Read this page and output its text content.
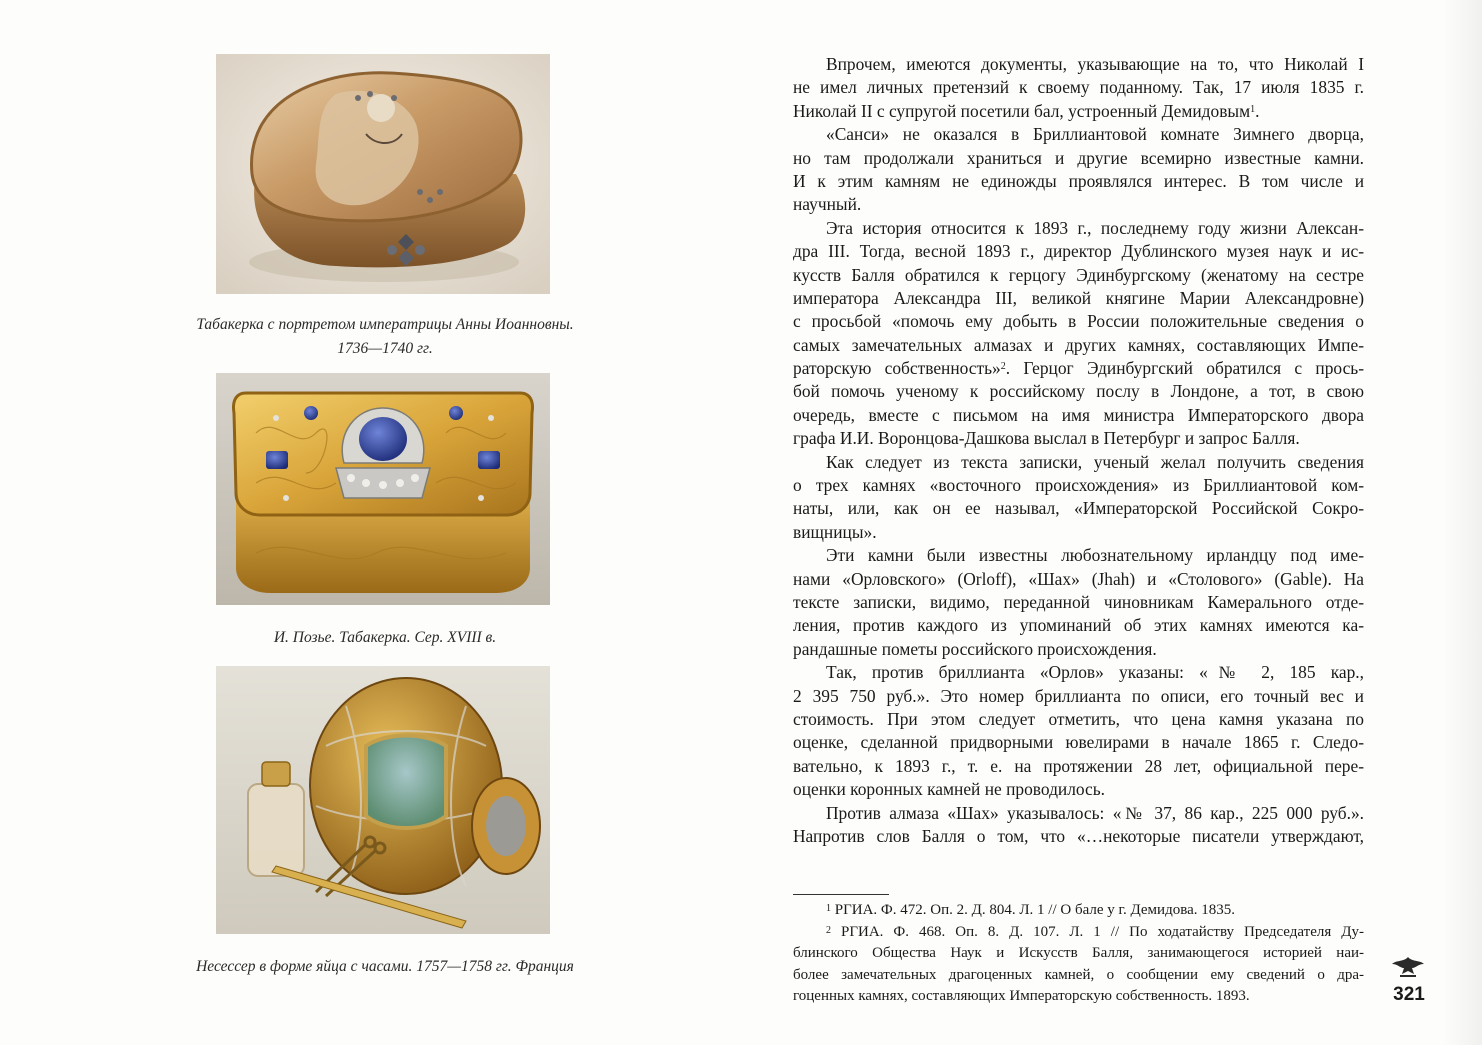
Табакерка с портретом императрицы Анны Иоанновны.
1736—1740 гг.
И. Позье. Табакерка. Сер. XVIII в.
Несессер в форме яйца с часами. 1757—1758 гг. Франция
Впрочем, имеются документы, указывающие на то, что Николай I
не имел личных претензий к своему поданному. Так, 17 июля 1835 г.
Николай II с супругой посетили бал, устроенный Демидовым$^1$.
«Санси» не оказался в Бриллиантовой комнате Зимнего дворца,
но там продолжали храниться и другие всемирно известные камни.
И к этим камням не единожды проявлялся интерес. В том числе и
научный.
Эта история относится к 1893 г., последнему году жизни Алексан-
дра III. Тогда, весной 1893 г., директор Дублинского музея наук и ис-
кусств Балля обратился к герцогу Эдинбургскому (женатому на сестре
императора Александра III, великой княгине Марии Александровне)
с просьбой «помочь ему добыть в России положительные сведения о
самых замечательных алмазах и других камнях, составляющих Импе-
раторскую собственность»$^2$. Герцог Эдинбургский обратился с прось-
бой помочь ученому к российскому послу в Лондоне, а тот, в свою
очередь, вместе с письмом на имя министра Императорского двора
графа И.И. Воронцова-Дашкова выслал в Петербург и запрос Балля.
Как следует из текста записки, ученый желал получить сведения
о трех камнях «восточного происхождения» из Бриллиантовой ком-
наты, или, как он ее называл, «Императорской Российской Сокро-
вищницы».
Эти камни были известны любознательному ирландцу под име-
нами «Орловского» (Orloff), «Шах» (Jhah) и «Столового» (Gable). На
тексте записки, видимо, переданной чиновникам Камерального отде-
ления, против каждого из упоминаний об этих камнях имеются ка-
рандашные пометы российского происхождения.
Так, против бриллианта «Орлов» указаны: «№ 2, 185 кар.,
2 395 750 руб.». Это номер бриллианта по описи, его точный вес и
стоимость. При этом следует отметить, что цена камня указана по
оценке, сделанной придворными ювелирами в начале 1865 г. Следо-
вательно, к 1893 г., т. е. на протяжении 28 лет, официальной пере-
оценки коронных камней не проводилось.
Против алмаза «Шах» указывалось: «№ 37, 86 кар., 225 000 руб.».
Напротив слов Балля о том, что «…некоторые писатели утверждают,
$^1$ РГИА. Ф. 472. Оп. 2. Д. 804. Л. 1 // О бале у г. Демидова. 1835.
$^2$ РГИА. Ф. 468. Оп. 8. Д. 107. Л. 1 // По ходатайству Председателя Ду-
блинского Общества Наук и Искусств Балля, занимающегося историей наи-
более замечательных драгоценных камней, о сообщении ему сведений о дра-
гоценных камнях, составляющих Императорскую собственность. 1893.	321
